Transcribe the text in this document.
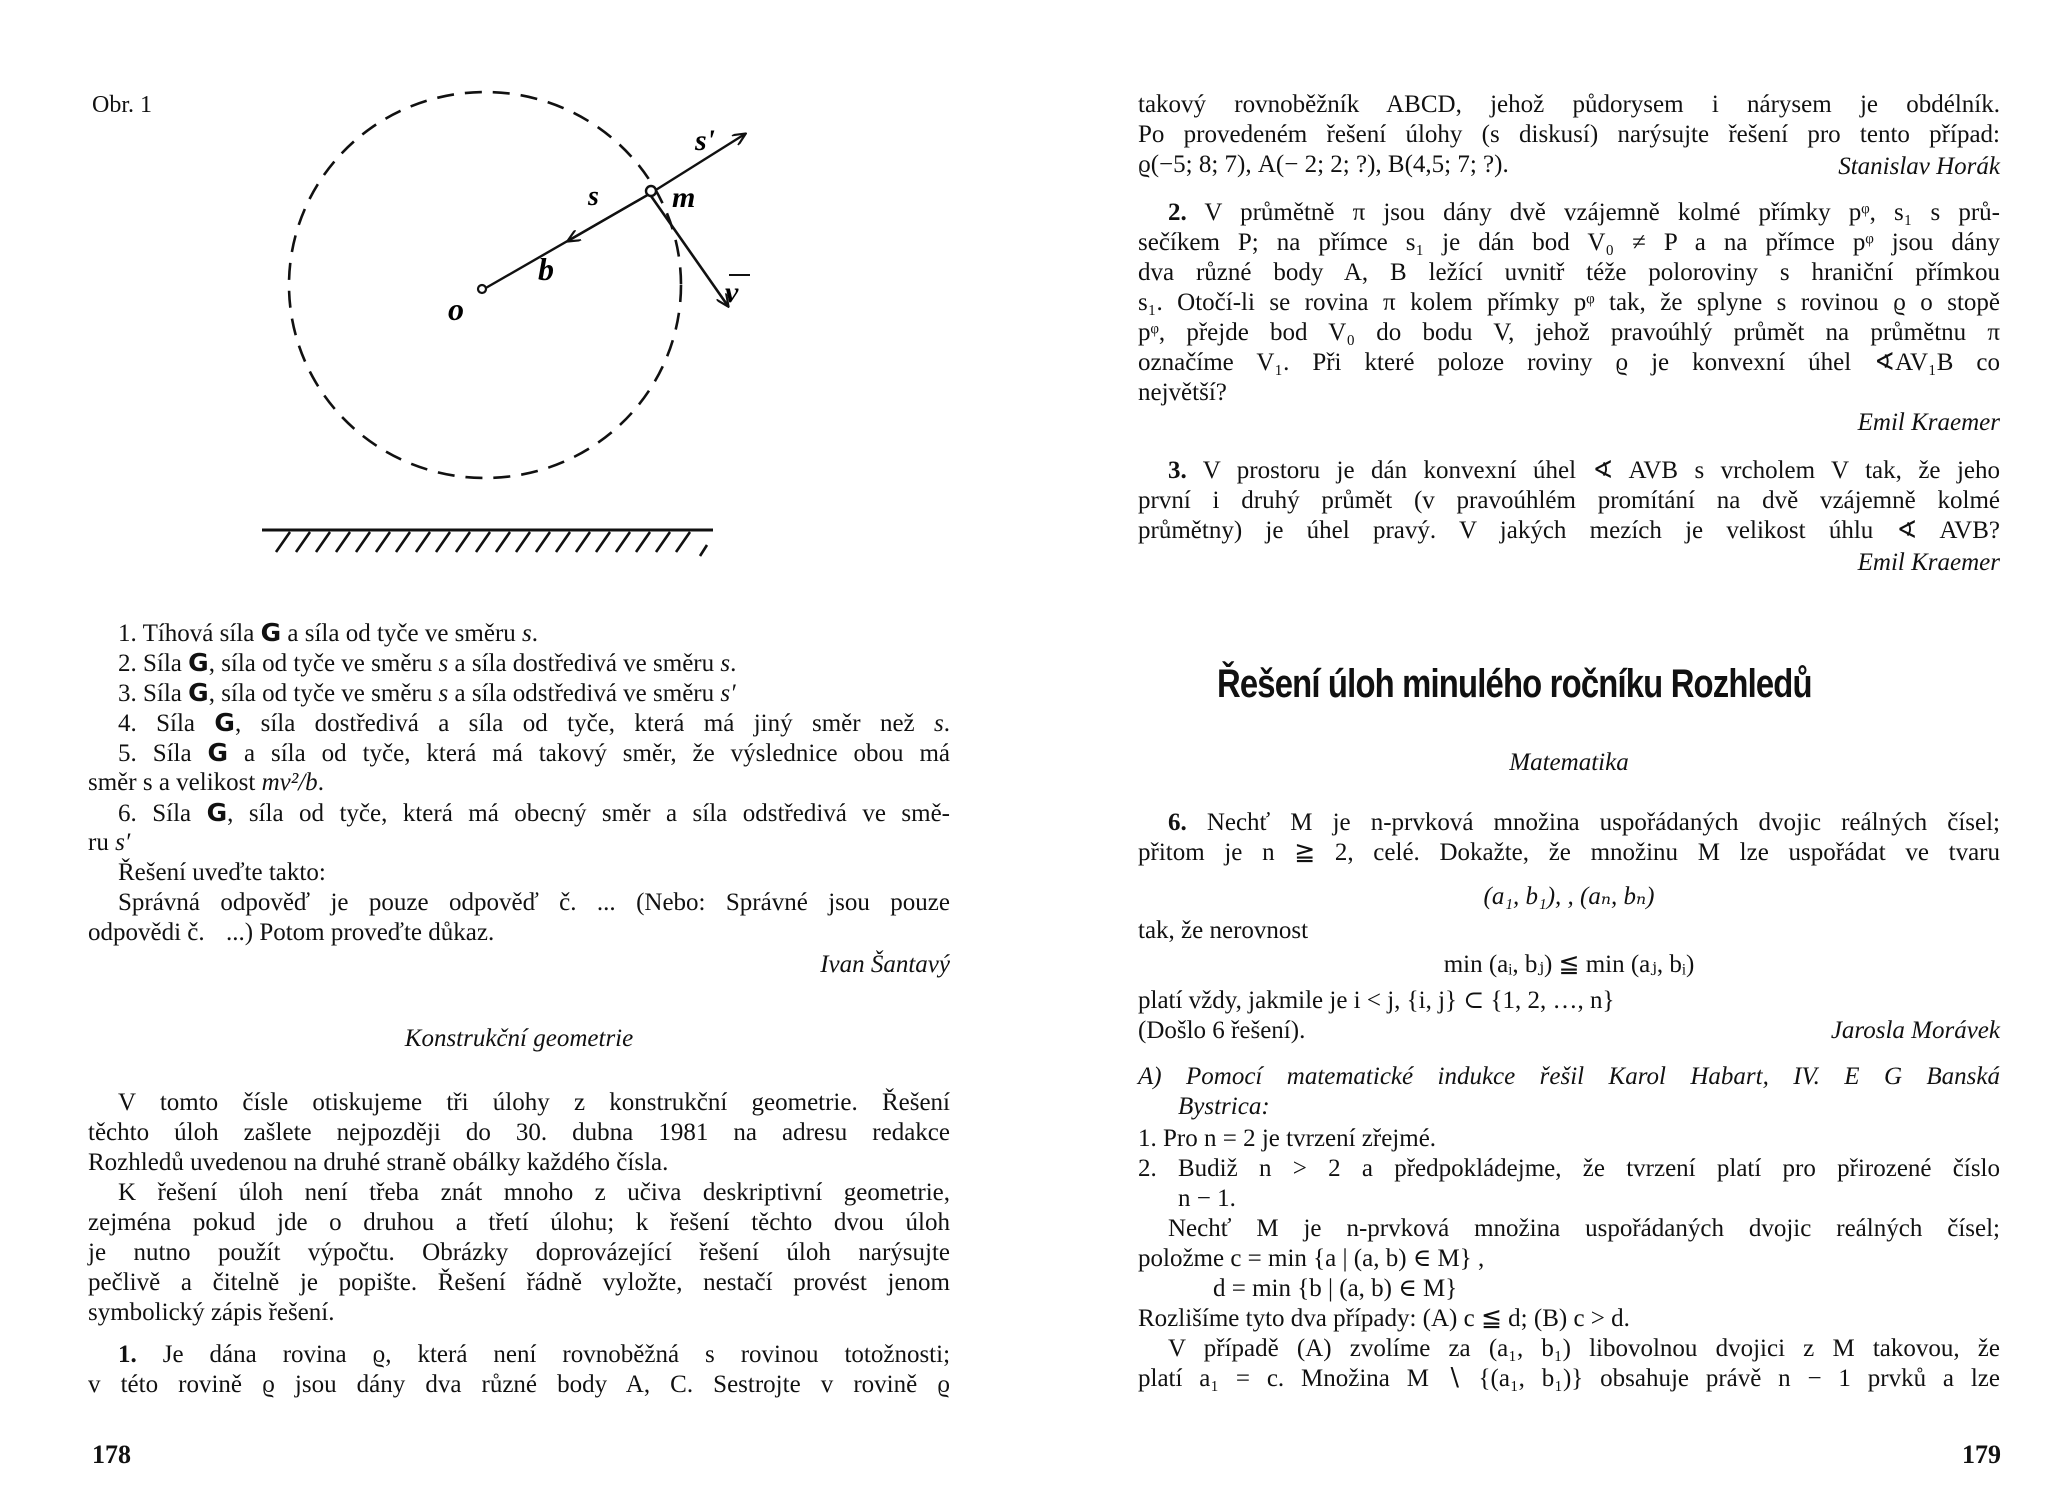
Obr. 1
s'
s m
b
o	v
1. Tíhová síla G a síla od tyče ve směru s.
2. Síla G, síla od tyče ve směru s a síla dostředivá ve směru s.
3. Síla G, síla od tyče ve směru s a síla odstředivá ve směru s′
4. Síla G, síla dostředivá a síla od tyče, která má jiný směr než s.
5. Síla G a síla od tyče, která má takový směr, že výslednice obou má
směr s a velikost mv²/b.
6. Síla G, síla od tyče, která má obecný směr a síla odstředivá ve smě-
ru s′
Řešení uveďte takto:
Správná odpověď je pouze odpověď č. ... (Nebo: Správné jsou pouze
odpovědi č. ...) Potom proveďte důkaz.
Ivan Šantavý
Konstrukční geometrie
V tomto čísle otiskujeme tři úlohy z konstrukční geometrie. Řešení
těchto úloh zašlete nejpozději do 30. dubna 1981 na adresu redakce
Rozhledů uvedenou na druhé straně obálky každého čísla.
K řešení úloh není třeba znát mnoho z učiva deskriptivní geometrie,
zejména pokud jde o druhou a třetí úlohu; k řešení těchto dvou úloh
je nutno použít výpočtu. Obrázky doprovázející řešení úloh narýsujte
pečlivě a čitelně je popište. Řešení řádně vyložte, nestačí provést jenom
symbolický zápis řešení.
1. Je dána rovina ϱ, která není rovnoběžná s rovinou totožnosti;
v této rovině ϱ jsou dány dva různé body A, C. Sestrojte v rovině ϱ
178
takový rovnoběžník ABCD, jehož půdorysem i nárysem je obdélník.
Po provedeném řešení úlohy (s diskusí) narýsujte řešení pro tento případ:
ϱ(−5; 8; 7), A(− 2; 2; ?), B(4,5; 7; ?).	Stanislav Horák
2. V průmětně π jsou dány dvě vzájemně kolmé přímky pᵠ, s₁ s prů-
sečíkem P; na přímce s₁ je dán bod V₀ ≠ P a na přímce pᵠ jsou dány
dva různé body A, B ležící uvnitř téže poloroviny s hraniční přímkou
s₁. Otočí-li se rovina π kolem přímky pᵠ tak, že splyne s rovinou ϱ o stopě
pᵠ, přejde bod V₀ do bodu V, jehož pravoúhlý průmět na průmětnu π
označíme V₁. Při které poloze roviny ϱ je konvexní úhel ∢AV₁B co
největší?
Emil Kraemer
3. V prostoru je dán konvexní úhel ∢ AVB s vrcholem V tak, že jeho
první i druhý průmět (v pravoúhlém promítání na dvě vzájemně kolmé
průmětny) je úhel pravý. V jakých mezích je velikost úhlu ∢ AVB?
Emil Kraemer
Řešení úloh minulého ročníku Rozhledů
Matematika
6. Nechť M je n-prvková množina uspořádaných dvojic reálných čísel;
přitom je n ≧ 2, celé. Dokažte, že množinu M lze uspořádat ve tvaru
(a₁, b₁), , (aₙ, bₙ)
tak, že nerovnost
min (aᵢ, bⱼ) ≦ min (aⱼ, bᵢ)
platí vždy, jakmile je i < j, {i, j} ⊂ {1, 2, …, n}
(Došlo 6 řešení).	Jarosla Morávek
A) Pomocí matematické indukce řešil Karol Habart, IV. E G Banská
Bystrica:
1. Pro n = 2 je tvrzení zřejmé.
2. Budiž n > 2 a předpokládejme, že tvrzení platí pro přirozené číslo
n − 1.
Nechť M je n-prvková množina uspořádaných dvojic reálných čísel;
položme c = min {a | (a, b) ∈ M} ,
d = min {b | (a, b) ∈ M}
Rozlišíme tyto dva případy: (A) c ≦ d; (B) c > d.
V případě (A) zvolíme za (a₁, b₁) libovolnou dvojici z M takovou, že
platí a₁ = c. Množina M ∖ {(a₁, b₁)} obsahuje právě n − 1 prvků a lze
179
